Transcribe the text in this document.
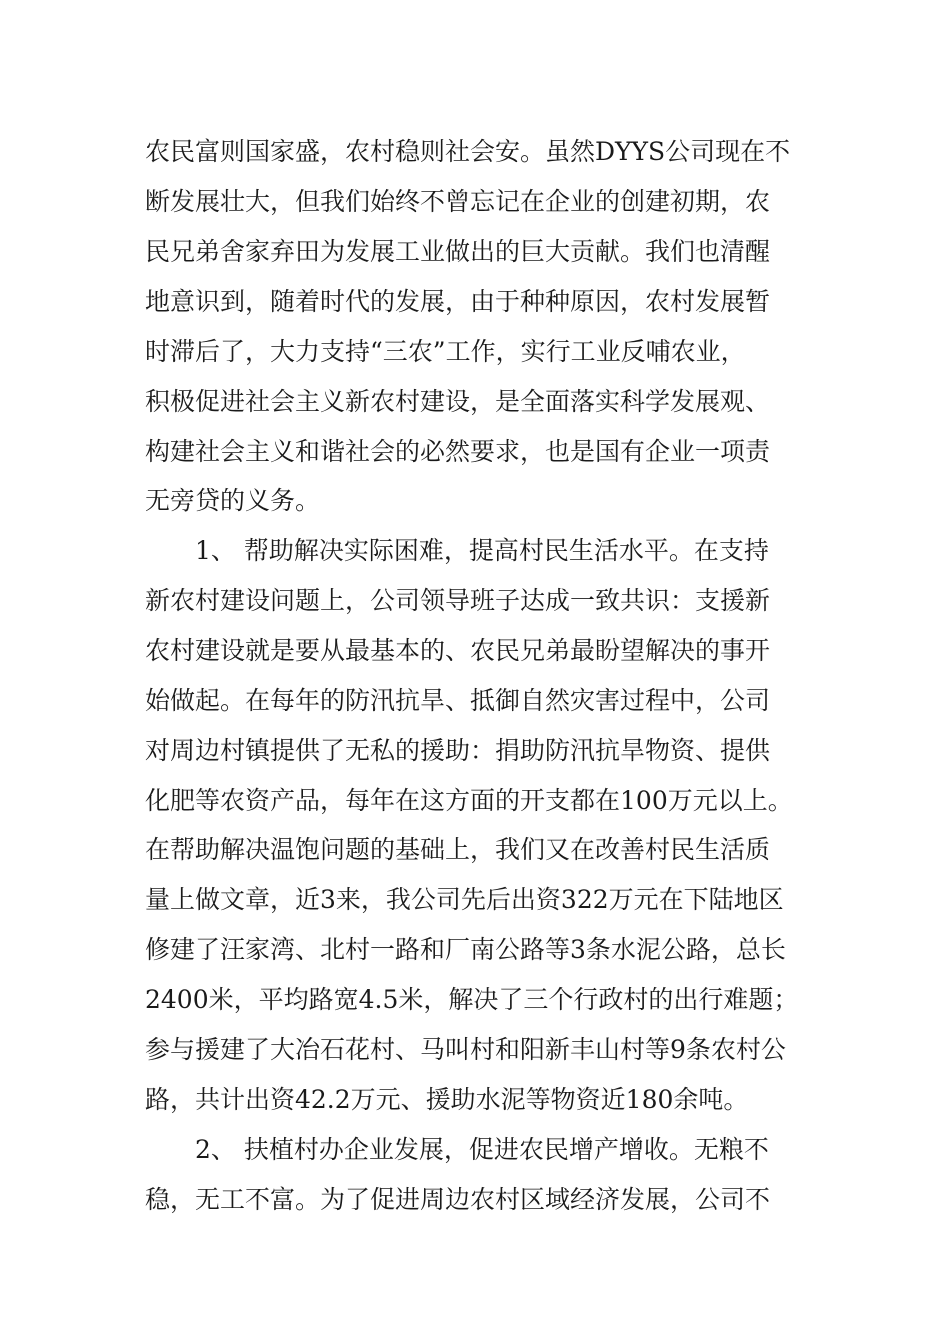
农民富则国家盛，农村稳则社会安。虽然DYYS公司现在不
断发展壮大，但我们始终不曾忘记在企业的创建初期，农
民兄弟舍家弃田为发展工业做出的巨大贡献。我们也清醒
地意识到，随着时代的发展，由于种种原因，农村发展暂
时滞后了，大力支持“三农”工作，实行工业反哺农业，
积极促进社会主义新农村建设，是全面落实科学发展观、
构建社会主义和谐社会的必然要求，也是国有企业一项责
无旁贷的义务。
1、 帮助解决实际困难，提高村民生活水平。在支持
新农村建设问题上，公司领导班子达成一致共识：支援新
农村建设就是要从最基本的、农民兄弟最盼望解决的事开
始做起。在每年的防汛抗旱、抵御自然灾害过程中，公司
对周边村镇提供了无私的援助：捐助防汛抗旱物资、提供
化肥等农资产品，每年在这方面的开支都在100万元以上。
在帮助解决温饱问题的基础上，我们又在改善村民生活质
量上做文章，近3来，我公司先后出资322万元在下陆地区
修建了汪家湾、北村一路和厂南公路等3条水泥公路，总长
2400米，平均路宽4.5米，解决了三个行政村的出行难题；
参与援建了大冶石花村、马叫村和阳新丰山村等9条农村公
路，共计出资42.2万元、援助水泥等物资近180余吨。
2、 扶植村办企业发展，促进农民增产增收。无粮不
稳，无工不富。为了促进周边农村区域经济发展，公司不
